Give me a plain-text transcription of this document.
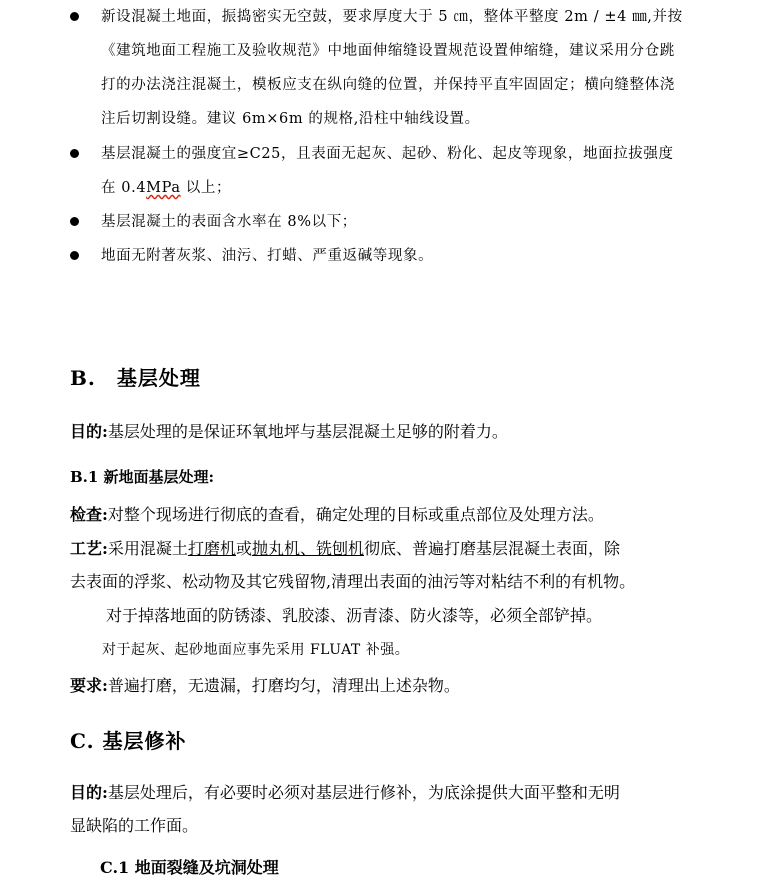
新设混凝土地面，振捣密实无空鼓，要求厚度大于 5 ㎝，整体平整度 2m / ±4 ㎜,并按
《建筑地面工程施工及验收规范》中地面伸缩缝设置规范设置伸缩缝，建议采用分仓跳
打的办法浇注混凝土，模板应支在纵向缝的位置，并保持平直牢固固定；横向缝整体浇
注后切割设缝。建议 6m×6m 的规格,沿柱中轴线设置。
基层混凝土的强度宜≥C25，且表面无起灰、起砂、粉化、起皮等现象，地面拉拔强度
在 0.4MPa 以上；
基层混凝土的表面含水率在 8%以下；
地面无附著灰浆、油污、打蜡、严重返碱等现象。
B.　基层处理
目的:基层处理的是保证环氧地坪与基层混凝土足够的附着力。
B.1 新地面基层处理:
检查:对整个现场进行彻底的查看，确定处理的目标或重点部位及处理方法。
工艺:采用混凝土打磨机或抛丸机、铣刨机彻底、普遍打磨基层混凝土表面，除
去表面的浮浆、松动物及其它残留物,清理出表面的油污等对粘结不利的有机物。
对于掉落地面的防锈漆、乳胶漆、沥青漆、防火漆等，必须全部铲掉。
对于起灰、起砂地面应事先采用 FLUAT 补强。
要求:普遍打磨，无遗漏，打磨均匀，清理出上述杂物。
C. 基层修补
目的:基层处理后，有必要时必须对基层进行修补，为底涂提供大面平整和无明
显缺陷的工作面。
C.1 地面裂缝及坑洞处理
